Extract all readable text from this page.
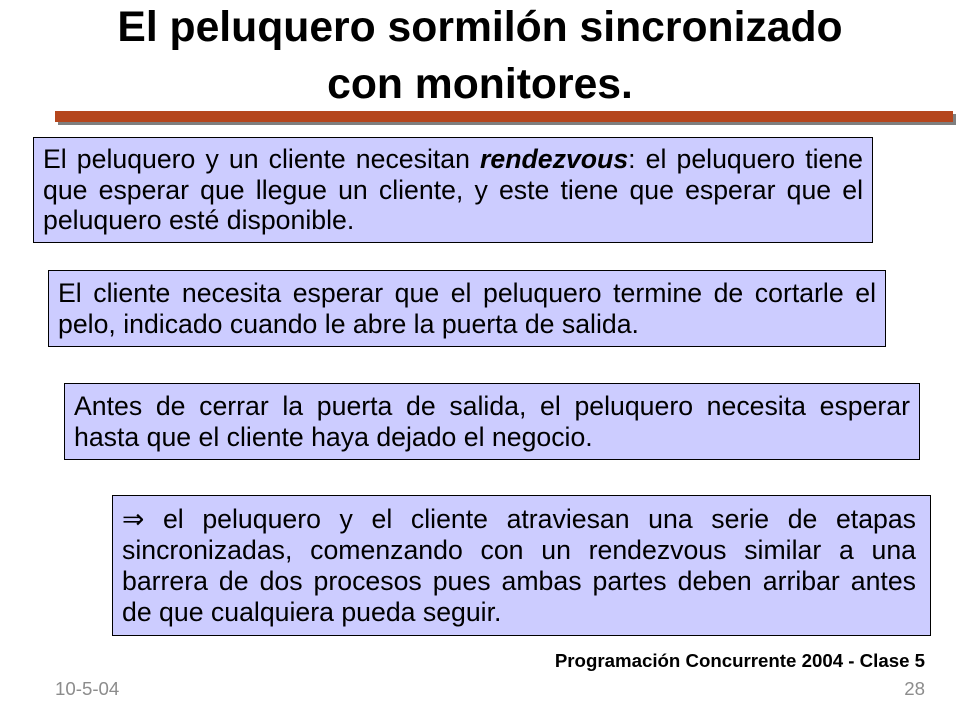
El peluquero sormilón sincronizado
con monitores.

El peluquero y un cliente necesitan rendezvous: el peluquero tiene que esperar que llegue un cliente, y este tiene que esperar que el peluquero esté disponible.

El cliente necesita esperar que el peluquero termine de cortarle el pelo, indicado cuando le abre la puerta de salida.

Antes de cerrar la puerta de salida, el peluquero necesita esperar hasta que el cliente haya dejado el negocio.

⇒ el peluquero y el cliente atraviesan una serie de etapas sincronizadas, comenzando con un rendezvous similar a una barrera de dos procesos pues ambas partes deben arribar antes de que cualquiera pueda seguir.

Programación Concurrente 2004 - Clase 5
10-5-04	28
